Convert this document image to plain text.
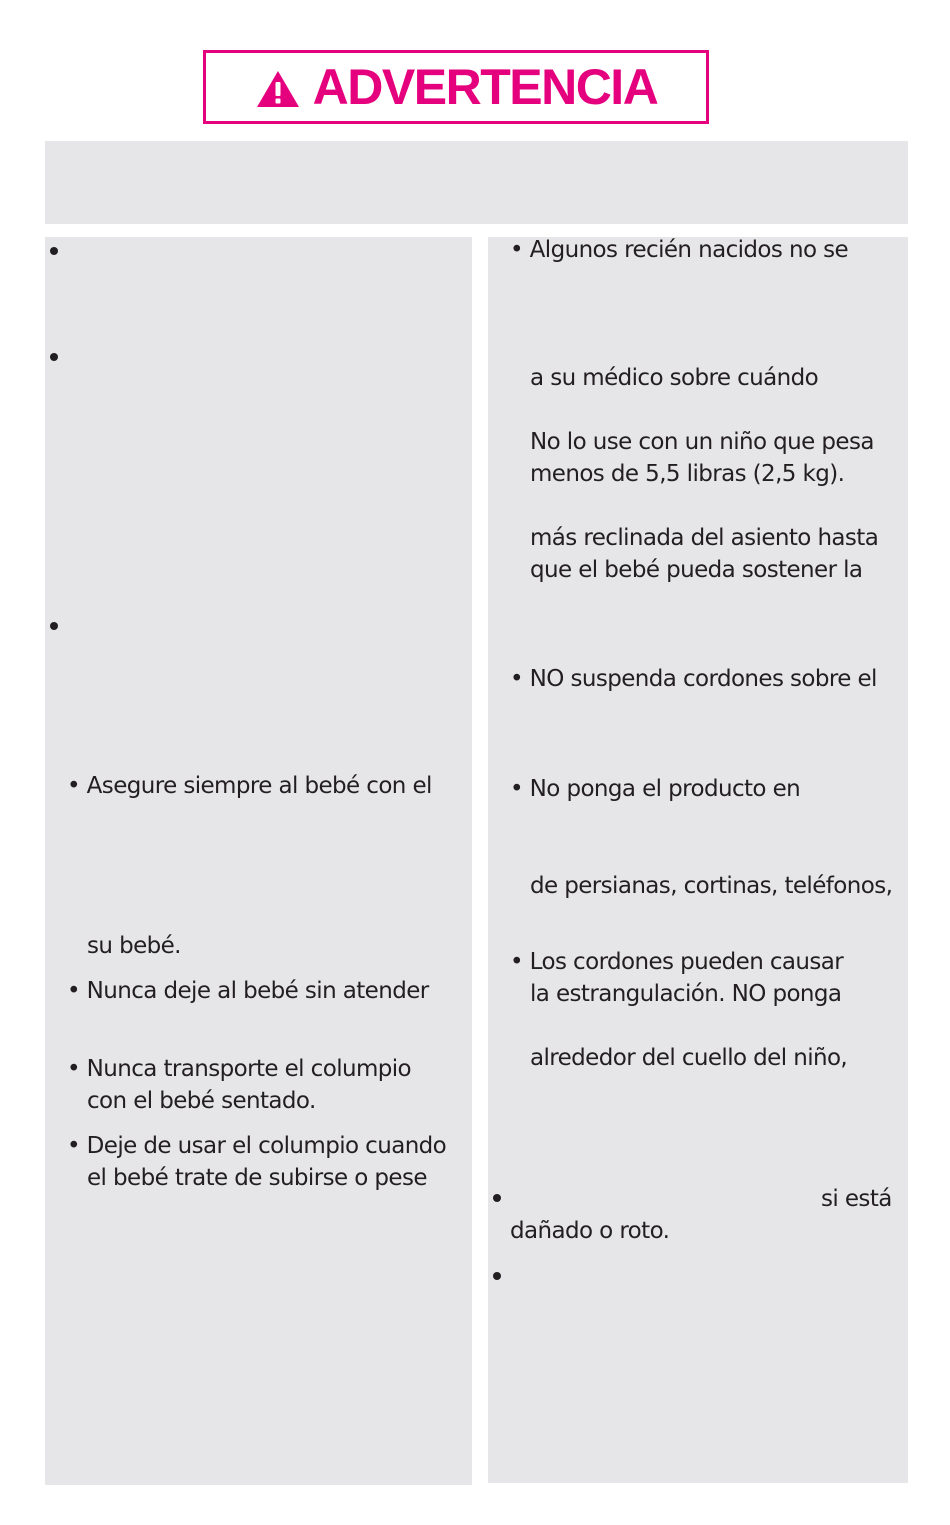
ADVERTENCIA
• Asegure siempre al bebé con el
su bebé.
• Nunca deje al bebé sin atender
• Nunca transporte el columpio
con el bebé sentado.
• Deje de usar el columpio cuando
el bebé trate de subirse o pese
• Algunos recién nacidos no se
a su médico sobre cuándo
No lo use con un niño que pesa
menos de 5,5 libras (2,5 kg).
más reclinada del asiento hasta
que el bebé pueda sostener la
• NO suspenda cordones sobre el
• No ponga el producto en
de persianas, cortinas, teléfonos,
• Los cordones pueden causar
la estrangulación. NO ponga
alrededor del cuello del niño,
si está
dañado o roto.
